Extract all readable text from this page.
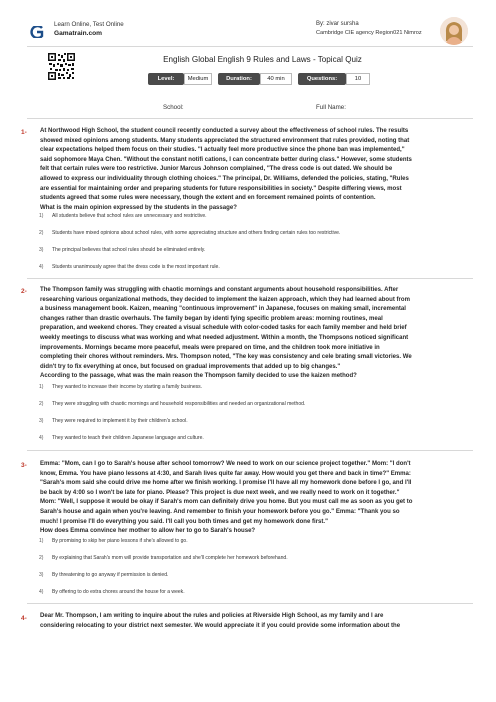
Learn Online, Test Online
Gamatrain.com
By: zivar sursha
Cambridge CIE agency Region021 Nimroz
English Global English 9 Rules and Laws - Topical Quiz
Level:	Medium	Duration:	40 min	Questions:	10
School:	Full Name:
1- At Northwood High School, the student council recently conducted a survey about the effectiveness of school rules. The results
showed mixed opinions among students. Many students appreciated the structured environment that rules provided, noting that
clear expectations helped them focus on their studies. "I actually feel more productive since the phone ban was implemented,"
said sophomore Maya Chen. "Without the constant notifi cations, I can concentrate better during class." However, some students
felt that certain rules were too restrictive. Junior Marcus Johnson complained, "The dress code is out dated. We should be
allowed to express our individuality through clothing choices." The principal, Dr. Williams, defended the policies, stating, "Rules
are essential for maintaining order and preparing students for future responsibilities in society." Despite differing views, most
students agreed that some rules were necessary, though the extent and en forcement remained points of contention.
What is the main opinion expressed by the students in the passage?
1) All students believe that school rules are unnecessary and restrictive.
2) Students have mixed opinions about school rules, with some appreciating structure and others finding certain rules too restrictive.
3) The principal believes that school rules should be eliminated entirely.
4) Students unanimously agree that the dress code is the most important rule.
2- The Thompson family was struggling with chaotic mornings and constant arguments about household responsibilities. After
researching various organizational methods, they decided to implement the kaizen approach, which they had learned about from
a business management book. Kaizen, meaning "continuous improvement" in Japanese, focuses on making small, incremental
changes rather than drastic overhauls. The family began by identi fying specific problem areas: morning routines, meal
preparation, and weekend chores. They created a visual schedule with color-coded tasks for each family member and held brief
weekly meetings to discuss what was working and what needed adjustment. Within a month, the Thompsons noticed significant
improvements. Mornings became more peaceful, meals were prepared on time, and the children took more initiative in
completing their chores without reminders. Mrs. Thompson noted, "The key was consistency and cele brating small victories. We
didn't try to fix everything at once, but focused on gradual improvements that added up to big changes."
According to the passage, what was the main reason the Thompson family decided to use the kaizen method?
1) They wanted to increase their income by starting a family business.
2) They were struggling with chaotic mornings and household responsibilities and needed an organizational method.
3) They were required to implement it by their children's school.
4) They wanted to teach their children Japanese language and culture.
3- Emma: "Mom, can I go to Sarah's house after school tomorrow? We need to work on our science project together." Mom: "I don't
know, Emma. You have piano lessons at 4:30, and Sarah lives quite far away. How would you get there and back in time?" Emma:
"Sarah's mom said she could drive me home after we finish working. I promise I'll have all my homework done before I go, and I'll
be back by 4:00 so I won't be late for piano. Please? This project is due next week, and we really need to work on it together."
Mom: "Well, I suppose it would be okay if Sarah's mom can definitely drive you home. But you must call me as soon as you get to
Sarah's house and again when you're leaving. And remember to finish your homework before you go." Emma: "Thank you so
much! I promise I'll do everything you said. I'll call you both times and get my homework done first."
How does Emma convince her mother to allow her to go to Sarah's house?
1) By promising to skip her piano lessons if she's allowed to go.
2) By explaining that Sarah's mom will provide transportation and she'll complete her homework beforehand.
3) By threatening to go anyway if permission is denied.
4) By offering to do extra chores around the house for a week.
4- Dear Mr. Thompson, I am writing to inquire about the rules and policies at Riverside High School, as my family and I are
considering relocating to your district next semester. We would appreciate it if you could provide some information about the
